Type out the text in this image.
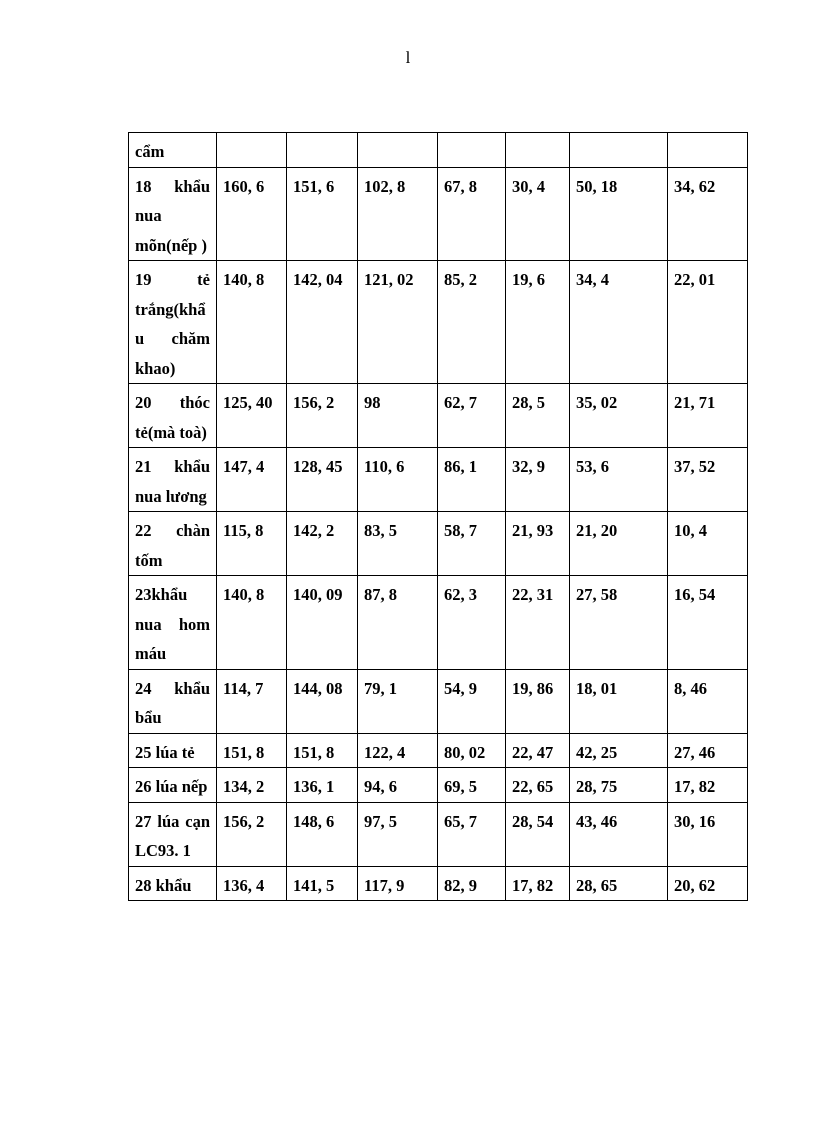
l
cẩm							
18 khẩu nua mõn(nếp )	160, 6	151, 6	102, 8	67, 8	30, 4	50, 18	34, 62
19 tẻ trắng(khẩu chăm khao)	140, 8	142, 04	121, 02	85, 2	19, 6	34, 4	22, 01
20 thóc tẻ(mà toà)	125, 40	156, 2	98	62, 7	28, 5	35, 02	21, 71
21 khẩu nua lương	147, 4	128, 45	110, 6	86, 1	32, 9	53, 6	37, 52
22 chàn tốm	115, 8	142, 2	83, 5	58, 7	21, 93	21, 20	10, 4
23khẩu nua hom máu	140, 8	140, 09	87, 8	62, 3	22, 31	27, 58	16, 54
24 khẩu bẩu	114, 7	144, 08	79, 1	54, 9	19, 86	18, 01	8, 46
25 lúa tẻ	151, 8	151, 8	122, 4	80, 02	22, 47	42, 25	27, 46
26 lúa nếp	134, 2	136, 1	94, 6	69, 5	22, 65	28, 75	17, 82
27 lúa cạn LC93. 1	156, 2	148, 6	97, 5	65, 7	28, 54	43, 46	30, 16
28 khẩu	136, 4	141, 5	117, 9	82, 9	17, 82	28, 65	20, 62
